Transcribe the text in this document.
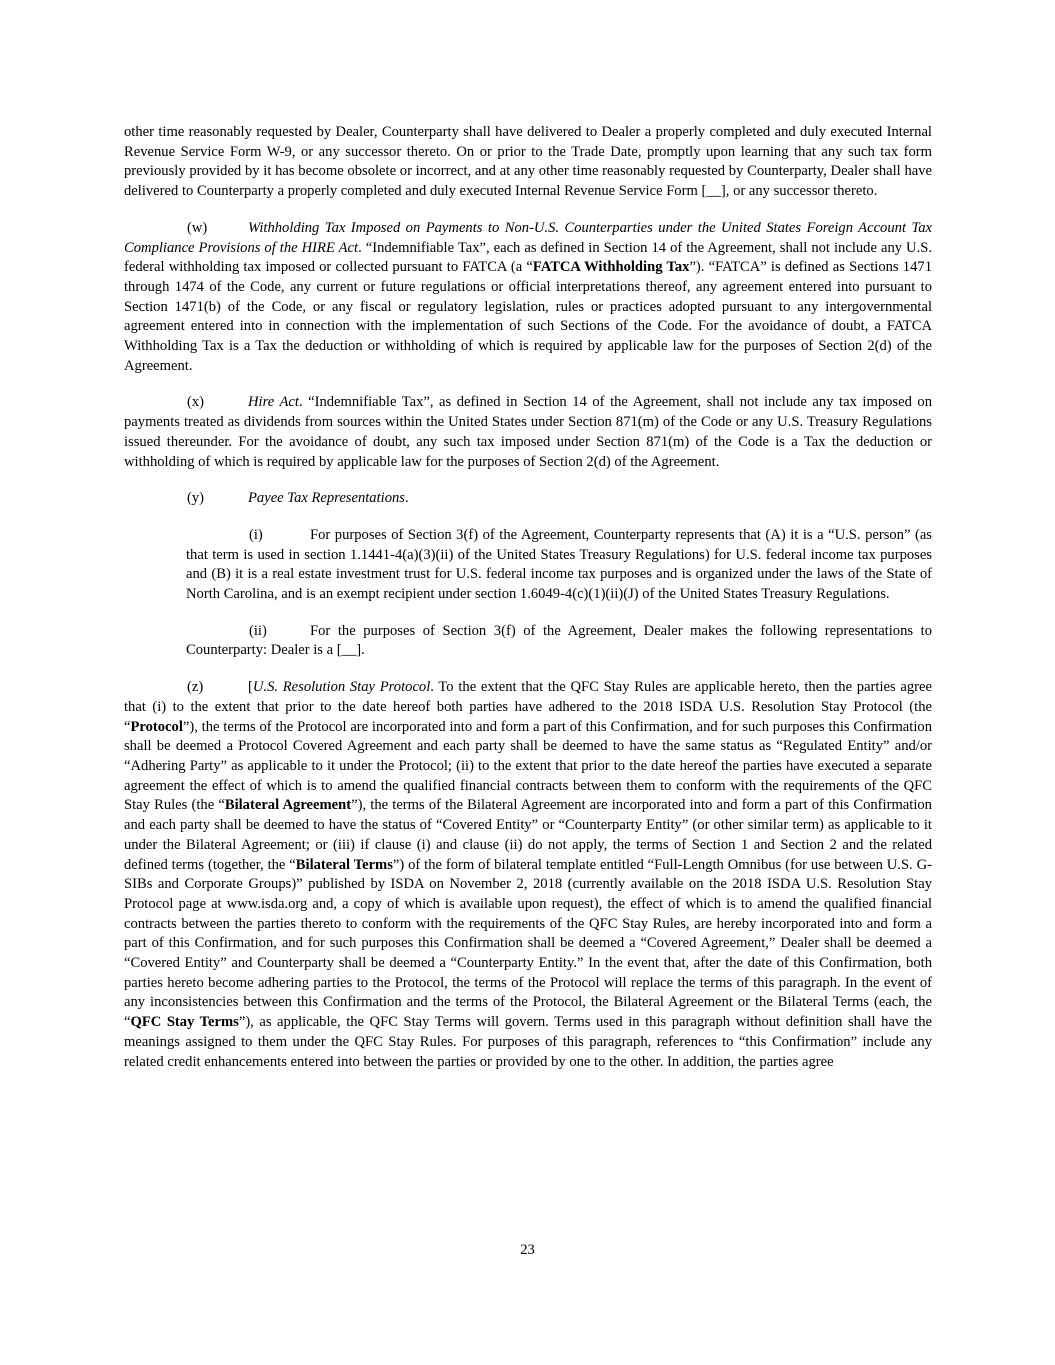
other time reasonably requested by Dealer, Counterparty shall have delivered to Dealer a properly completed and duly executed Internal Revenue Service Form W-9, or any successor thereto. On or prior to the Trade Date, promptly upon learning that any such tax form previously provided by it has become obsolete or incorrect, and at any other time reasonably requested by Counterparty, Dealer shall have delivered to Counterparty a properly completed and duly executed Internal Revenue Service Form [__], or any successor thereto.

(w)	Withholding Tax Imposed on Payments to Non-U.S. Counterparties under the United States Foreign Account Tax Compliance Provisions of the HIRE Act. “Indemnifiable Tax”, each as defined in Section 14 of the Agreement, shall not include any U.S. federal withholding tax imposed or collected pursuant to FATCA (a “FATCA Withholding Tax”). “FATCA” is defined as Sections 1471 through 1474 of the Code, any current or future regulations or official interpretations thereof, any agreement entered into pursuant to Section 1471(b) of the Code, or any fiscal or regulatory legislation, rules or practices adopted pursuant to any intergovernmental agreement entered into in connection with the implementation of such Sections of the Code. For the avoidance of doubt, a FATCA Withholding Tax is a Tax the deduction or withholding of which is required by applicable law for the purposes of Section 2(d) of the Agreement.

(x)	Hire Act. “Indemnifiable Tax”, as defined in Section 14 of the Agreement, shall not include any tax imposed on payments treated as dividends from sources within the United States under Section 871(m) of the Code or any U.S. Treasury Regulations issued thereunder. For the avoidance of doubt, any such tax imposed under Section 871(m) of the Code is a Tax the deduction or withholding of which is required by applicable law for the purposes of Section 2(d) of the Agreement.

(y)	Payee Tax Representations.

(i)	For purposes of Section 3(f) of the Agreement, Counterparty represents that (A) it is a “U.S. person” (as that term is used in section 1.1441-4(a)(3)(ii) of the United States Treasury Regulations) for U.S. federal income tax purposes and (B) it is a real estate investment trust for U.S. federal income tax purposes and is organized under the laws of the State of North Carolina, and is an exempt recipient under section 1.6049-4(c)(1)(ii)(J) of the United States Treasury Regulations.

(ii)	For the purposes of Section 3(f) of the Agreement, Dealer makes the following representations to Counterparty: Dealer is a [__].

(z)	[U.S. Resolution Stay Protocol. To the extent that the QFC Stay Rules are applicable hereto, then the parties agree that (i) to the extent that prior to the date hereof both parties have adhered to the 2018 ISDA U.S. Resolution Stay Protocol (the “Protocol”), the terms of the Protocol are incorporated into and form a part of this Confirmation, and for such purposes this Confirmation shall be deemed a Protocol Covered Agreement and each party shall be deemed to have the same status as “Regulated Entity” and/or “Adhering Party” as applicable to it under the Protocol; (ii) to the extent that prior to the date hereof the parties have executed a separate agreement the effect of which is to amend the qualified financial contracts between them to conform with the requirements of the QFC Stay Rules (the “Bilateral Agreement”), the terms of the Bilateral Agreement are incorporated into and form a part of this Confirmation and each party shall be deemed to have the status of “Covered Entity” or “Counterparty Entity” (or other similar term) as applicable to it under the Bilateral Agreement; or (iii) if clause (i) and clause (ii) do not apply, the terms of Section 1 and Section 2 and the related defined terms (together, the “Bilateral Terms”) of the form of bilateral template entitled “Full-Length Omnibus (for use between U.S. G-SIBs and Corporate Groups)” published by ISDA on November 2, 2018 (currently available on the 2018 ISDA U.S. Resolution Stay Protocol page at www.isda.org and, a copy of which is available upon request), the effect of which is to amend the qualified financial contracts between the parties thereto to conform with the requirements of the QFC Stay Rules, are hereby incorporated into and form a part of this Confirmation, and for such purposes this Confirmation shall be deemed a “Covered Agreement,” Dealer shall be deemed a “Covered Entity” and Counterparty shall be deemed a “Counterparty Entity.” In the event that, after the date of this Confirmation, both parties hereto become adhering parties to the Protocol, the terms of the Protocol will replace the terms of this paragraph. In the event of any inconsistencies between this Confirmation and the terms of the Protocol, the Bilateral Agreement or the Bilateral Terms (each, the “QFC Stay Terms”), as applicable, the QFC Stay Terms will govern. Terms used in this paragraph without definition shall have the meanings assigned to them under the QFC Stay Rules. For purposes of this paragraph, references to “this Confirmation” include any related credit enhancements entered into between the parties or provided by one to the other. In addition, the parties agree

23
